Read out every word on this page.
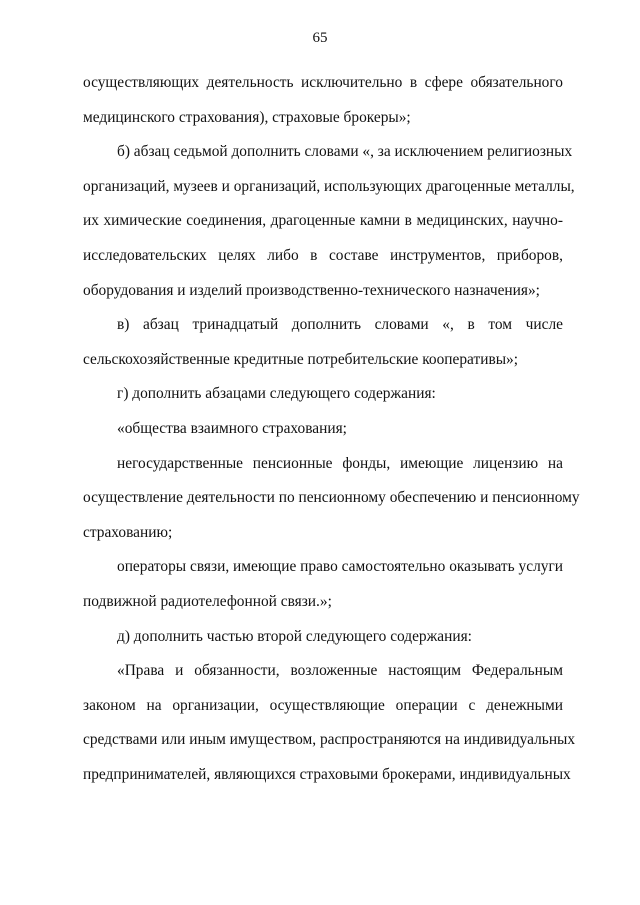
65
осуществляющих деятельность исключительно в сфере обязательного
медицинского страхования), страховые брокеры»;
б) абзац седьмой дополнить словами «, за исключением религиозных
организаций, музеев и организаций, использующих драгоценные металлы,
их химические соединения, драгоценные камни в медицинских, научно-
исследовательских целях либо в составе инструментов, приборов,
оборудования и изделий производственно-технического назначения»;
в) абзац тринадцатый дополнить словами «, в том числе
сельскохозяйственные кредитные потребительские кооперативы»;
г) дополнить абзацами следующего содержания:
«общества взаимного страхования;
негосударственные пенсионные фонды, имеющие лицензию на
осуществление деятельности по пенсионному обеспечению и пенсионному
страхованию;
операторы связи, имеющие право самостоятельно оказывать услуги
подвижной радиотелефонной связи.»;
д) дополнить частью второй следующего содержания:
«Права и обязанности, возложенные настоящим Федеральным
законом на организации, осуществляющие операции с денежными
средствами или иным имуществом, распространяются на индивидуальных
предпринимателей, являющихся страховыми брокерами, индивидуальных
